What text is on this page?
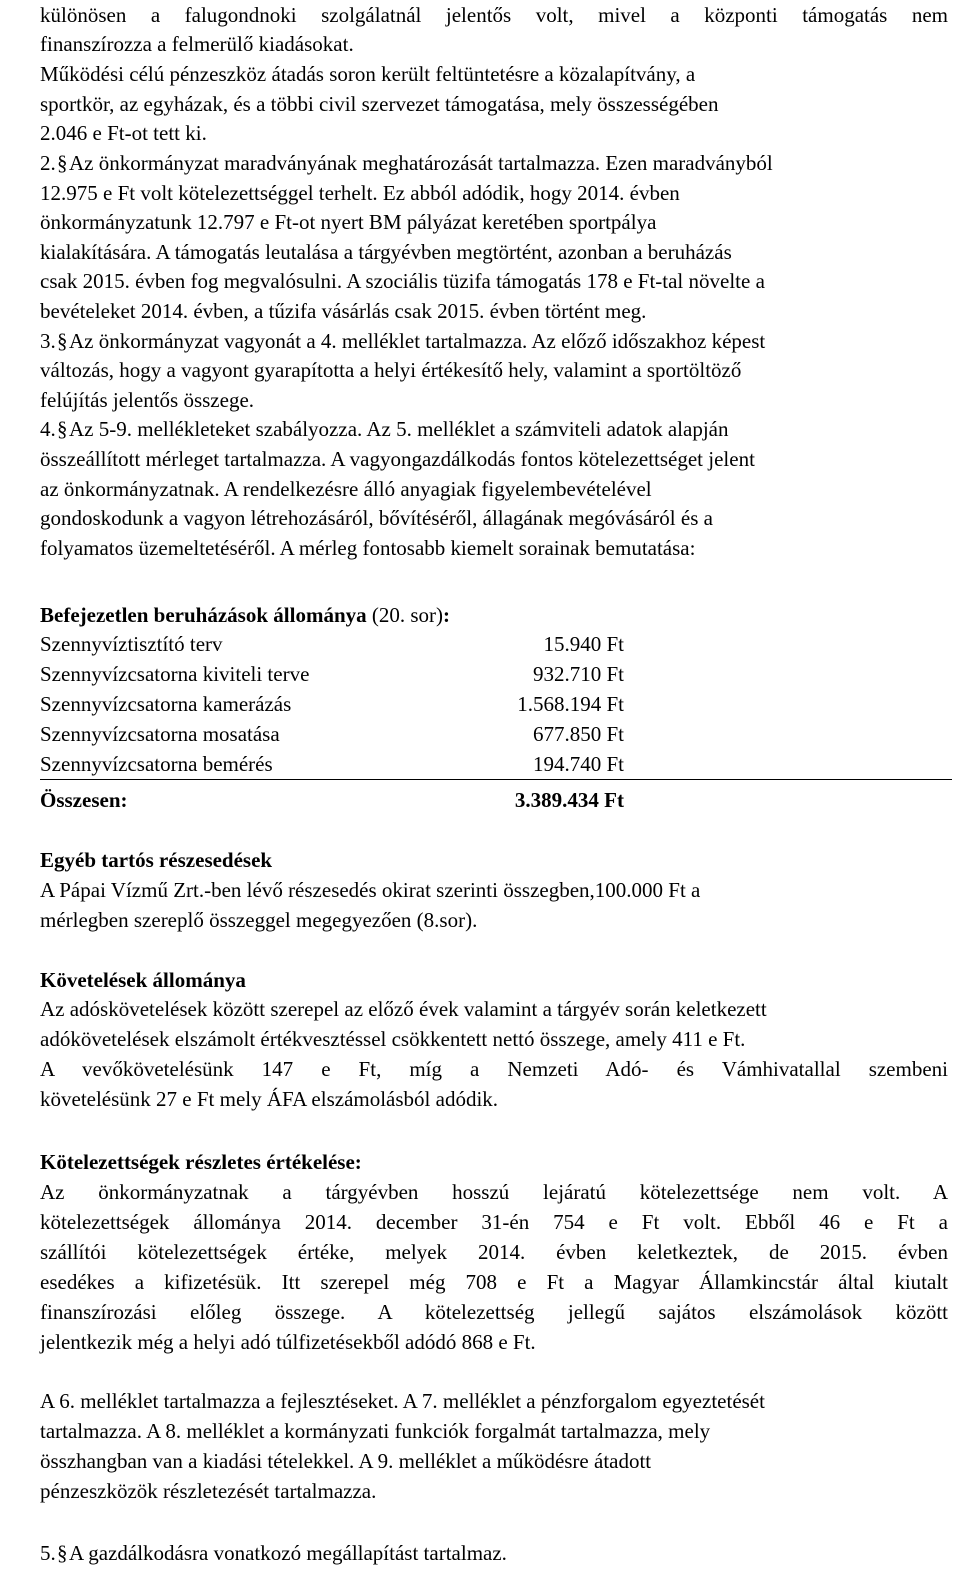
különösen a falugondnoki szolgálatnál jelentős volt, mivel a központi támogatás nem
finanszírozza a felmerülő kiadásokat.
Működési célú pénzeszköz átadás soron került feltüntetésre a közalapítvány, a
sportkör, az egyházak, és a többi civil szervezet támogatása, mely összességében
2.046 e Ft-ot tett ki.
2.§Az önkormányzat maradványának meghatározását tartalmazza. Ezen maradványból
12.975 e Ft volt kötelezettséggel terhelt. Ez abból adódik, hogy 2014. évben
önkormányzatunk 12.797 e Ft-ot nyert BM pályázat keretében sportpálya
kialakítására. A támogatás leutalása a tárgyévben megtörtént, azonban a beruházás
csak 2015. évben fog megvalósulni. A szociális tüzifa támogatás 178 e Ft-tal növelte a
bevételeket 2014. évben, a tűzifa vásárlás csak 2015. évben történt meg.
3.§Az önkormányzat vagyonát a 4. melléklet tartalmazza. Az előző időszakhoz képest
változás, hogy a vagyont gyarapította a helyi értékesítő hely, valamint a sportöltöző
felújítás jelentős összege.
4.§Az 5-9. mellékleteket szabályozza. Az 5. melléklet a számviteli adatok alapján
összeállított mérleget tartalmazza. A vagyongazdálkodás fontos kötelezettséget jelent
az önkormányzatnak. A rendelkezésre álló anyagiak figyelembevételével
gondoskodunk a vagyon létrehozásáról, bővítéséről, állagának megóvásáról és a
folyamatos üzemeltetéséről. A mérleg fontosabb kiemelt sorainak bemutatása:
Befejezetlen beruházások állománya (20. sor):
Szennyvíztisztító terv	15.940 Ft
Szennyvízcsatorna kiviteli terve	932.710 Ft
Szennyvízcsatorna kamerázás	1.568.194 Ft
Szennyvízcsatorna mosatása	677.850 Ft
Szennyvízcsatorna bemérés	194.740 Ft
Összesen:	3.389.434 Ft
Egyéb tartós részesedések
A Pápai Vízmű Zrt.-ben lévő részesedés okirat szerinti összegben,100.000 Ft a
mérlegben szereplő összeggel megegyezően (8.sor).
Követelések állománya
Az adóskövetelések között szerepel az előző évek valamint a tárgyév során keletkezett
adókövetelések elszámolt értékvesztéssel csökkentett nettó összege, amely 411 e Ft.
A vevőkövetelésünk 147 e Ft, míg a Nemzeti Adó- és Vámhivatallal szembeni
követelésünk 27 e Ft mely ÁFA elszámolásból adódik.
Kötelezettségek részletes értékelése:
Az önkormányzatnak a tárgyévben hosszú lejáratú kötelezettsége nem volt. A
kötelezettségek állománya 2014. december 31-én 754 e Ft volt. Ebből 46 e Ft a
szállítói kötelezettségek értéke, melyek 2014. évben keletkeztek, de 2015. évben
esedékes a kifizetésük. Itt szerepel még 708 e Ft a Magyar Államkincstár által kiutalt
finanszírozási előleg összege. A kötelezettség jellegű sajátos elszámolások között
jelentkezik még a helyi adó túlfizetésekből adódó 868 e Ft.
A 6. melléklet tartalmazza a fejlesztéseket. A 7. melléklet a pénzforgalom egyeztetését
tartalmazza. A 8. melléklet a kormányzati funkciók forgalmát tartalmazza, mely
összhangban van a kiadási tételekkel. A 9. melléklet a működésre átadott
pénzeszközök részletezését tartalmazza.
5.§A gazdálkodásra vonatkozó megállapítást tartalmaz.
